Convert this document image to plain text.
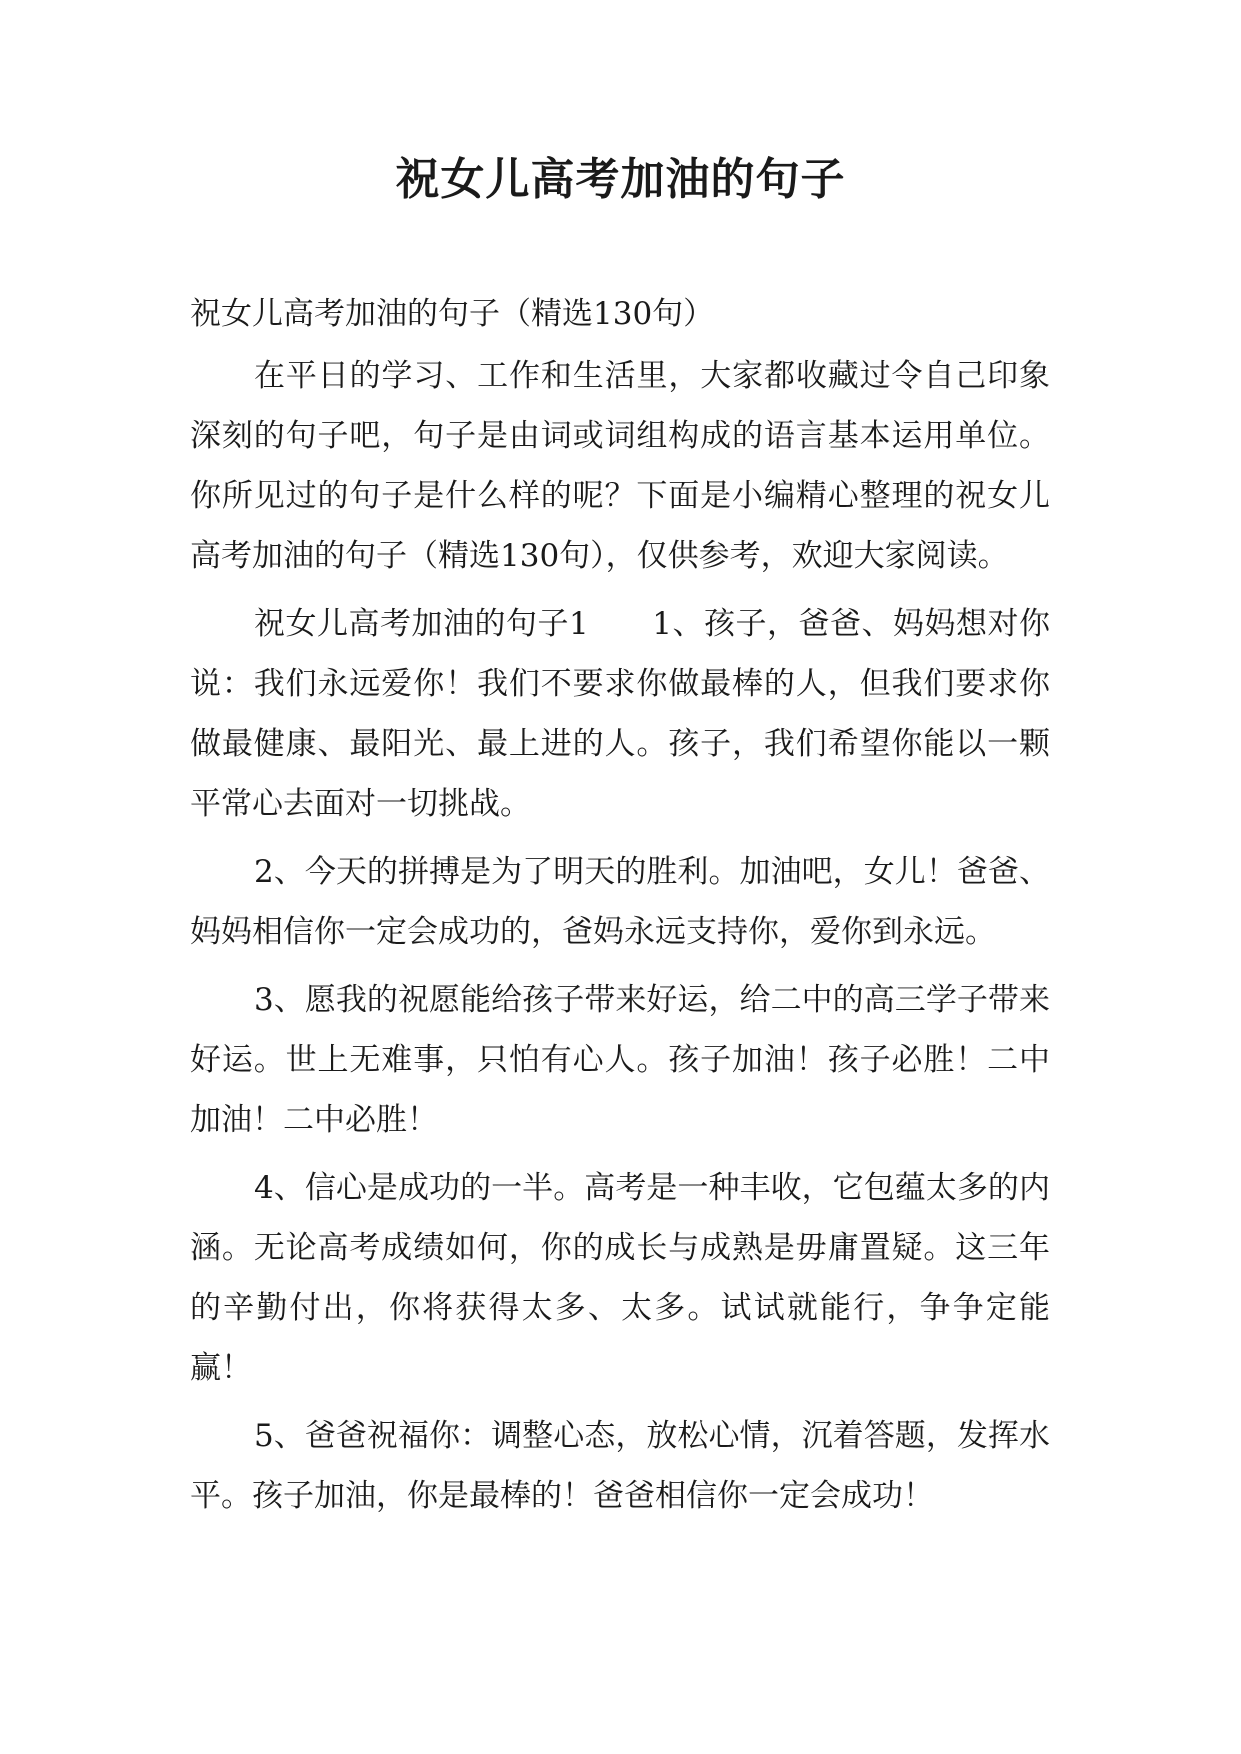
祝女儿高考加油的句子

祝女儿高考加油的句子（精选130句）

在平日的学习、工作和生活里，大家都收藏过令自己印象深刻的句子吧，句子是由词或词组构成的语言基本运用单位。你所见过的句子是什么样的呢？下面是小编精心整理的祝女儿高考加油的句子（精选130句），仅供参考，欢迎大家阅读。

祝女儿高考加油的句子1　　1、孩子，爸爸、妈妈想对你说：我们永远爱你！我们不要求你做最棒的人，但我们要求你做最健康、最阳光、最上进的人。孩子，我们希望你能以一颗平常心去面对一切挑战。

2、今天的拼搏是为了明天的胜利。加油吧，女儿！爸爸、妈妈相信你一定会成功的，爸妈永远支持你，爱你到永远。

3、愿我的祝愿能给孩子带来好运，给二中的高三学子带来好运。世上无难事，只怕有心人。孩子加油！孩子必胜！二中加油！二中必胜！

4、信心是成功的一半。高考是一种丰收，它包蕴太多的内涵。无论高考成绩如何，你的成长与成熟是毋庸置疑。这三年的辛勤付出，你将获得太多、太多。试试就能行，争争定能赢！

5、爸爸祝福你：调整心态，放松心情，沉着答题，发挥水平。孩子加油，你是最棒的！爸爸相信你一定会成功！
